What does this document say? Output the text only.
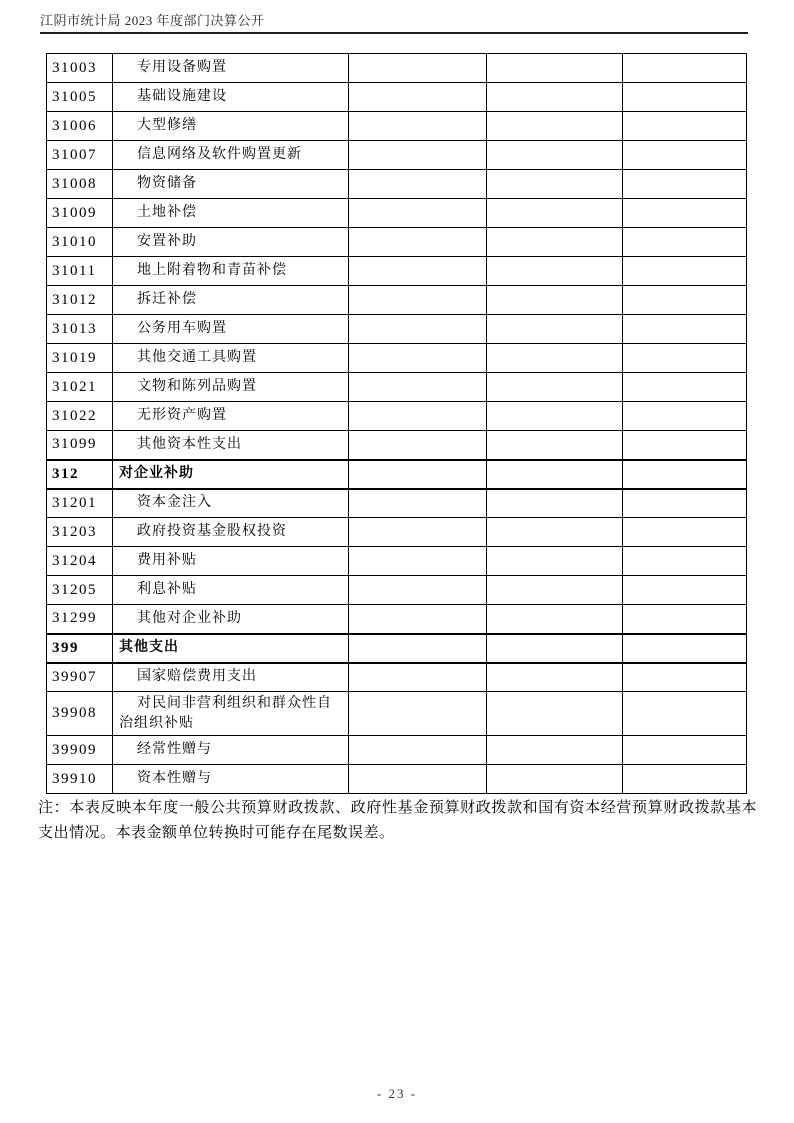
江阴市统计局 2023 年度部门决算公开
31003	专用设备购置			
31005	基础设施建设			
31006	大型修缮			
31007	信息网络及软件购置更新			
31008	物资储备			
31009	土地补偿			
31010	安置补助			
31011	地上附着物和青苗补偿			
31012	拆迁补偿			
31013	公务用车购置			
31019	其他交通工具购置			
31021	文物和陈列品购置			
31022	无形资产购置			
31099	其他资本性支出			
312	对企业补助			
31201	资本金注入			
31203	政府投资基金股权投资			
31204	费用补贴			
31205	利息补贴			
31299	其他对企业补助			
399	其他支出			
39907	国家赔偿费用支出			
39908	对民间非营利组织和群众性自治组织补贴			
39909	经常性赠与			
39910	资本性赠与			

注：本表反映本年度一般公共预算财政拨款、政府性基金预算财政拨款和国有资本经营预算财政拨款基本支出情况。本表金额单位转换时可能存在尾数误差。

- 23 -
